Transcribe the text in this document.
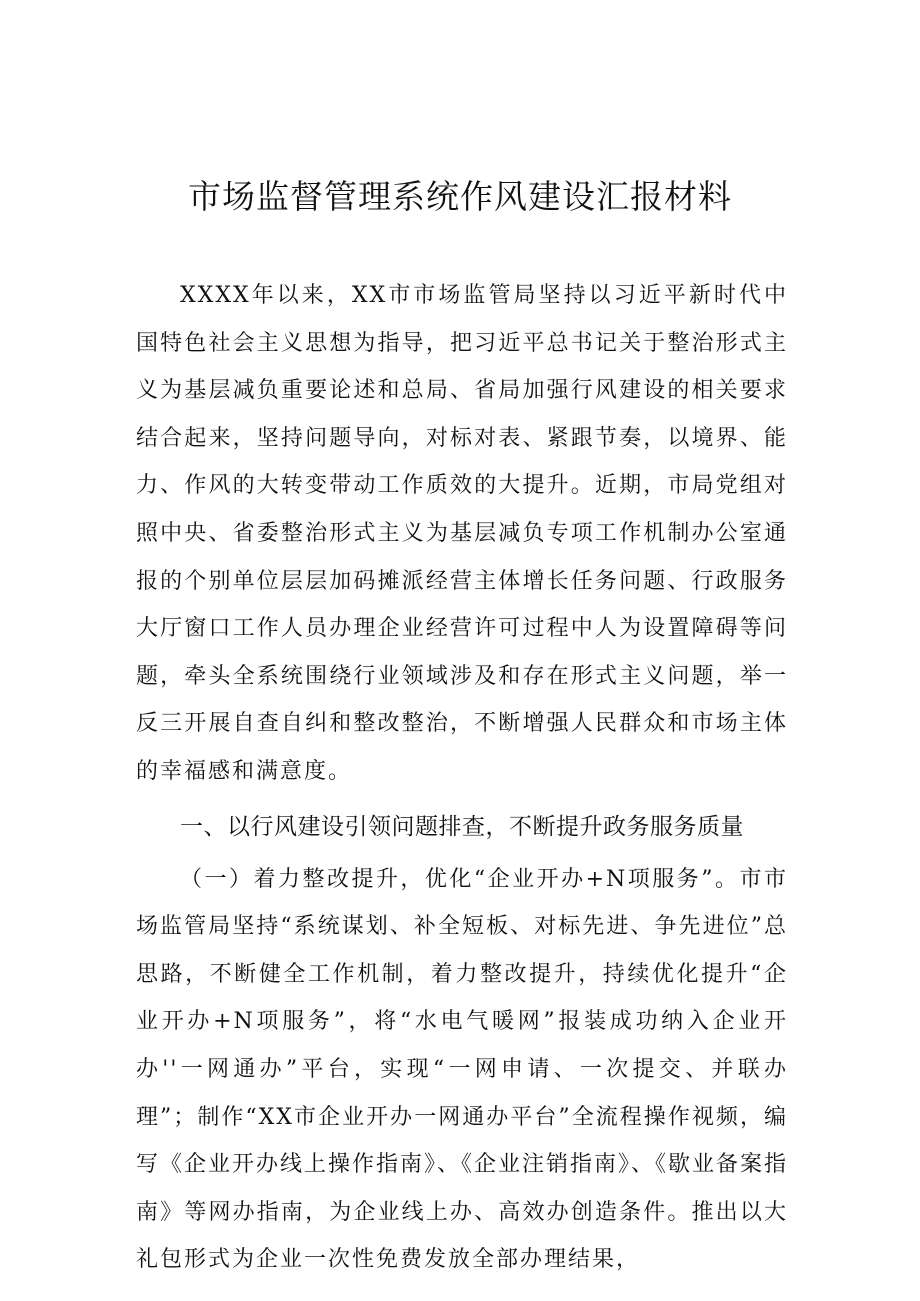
市场监督管理系统作风建设汇报材料

XXXX年以来，XX市市场监管局坚持以习近平新时代中国特色社会主义思想为指导，把习近平总书记关于整治形式主义为基层减负重要论述和总局、省局加强行风建设的相关要求结合起来，坚持问题导向，对标对表、紧跟节奏，以境界、能力、作风的大转变带动工作质效的大提升。近期，市局党组对照中央、省委整治形式主义为基层减负专项工作机制办公室通报的个别单位层层加码摊派经营主体增长任务问题、行政服务大厅窗口工作人员办理企业经营许可过程中人为设置障碍等问题，牵头全系统围绕行业领域涉及和存在形式主义问题，举一反三开展自查自纠和整改整治，不断增强人民群众和市场主体的幸福感和满意度。

一、以行风建设引领问题排查，不断提升政务服务质量

（一）着力整改提升，优化“企业开办+N项服务”。市市场监管局坚持“系统谋划、补全短板、对标先进、争先进位”总思路，不断健全工作机制，着力整改提升，持续优化提升“企业开办+N项服务”，将“水电气暖网”报装成功纳入企业开办''一网通办”平台，实现“一网申请、一次提交、并联办理”；制作“XX市企业开办一网通办平台”全流程操作视频，编写《企业开办线上操作指南》、《企业注销指南》、《歇业备案指南》等网办指南，为企业线上办、高效办创造条件。推出以大礼包形式为企业一次性免费发放全部办理结果，
